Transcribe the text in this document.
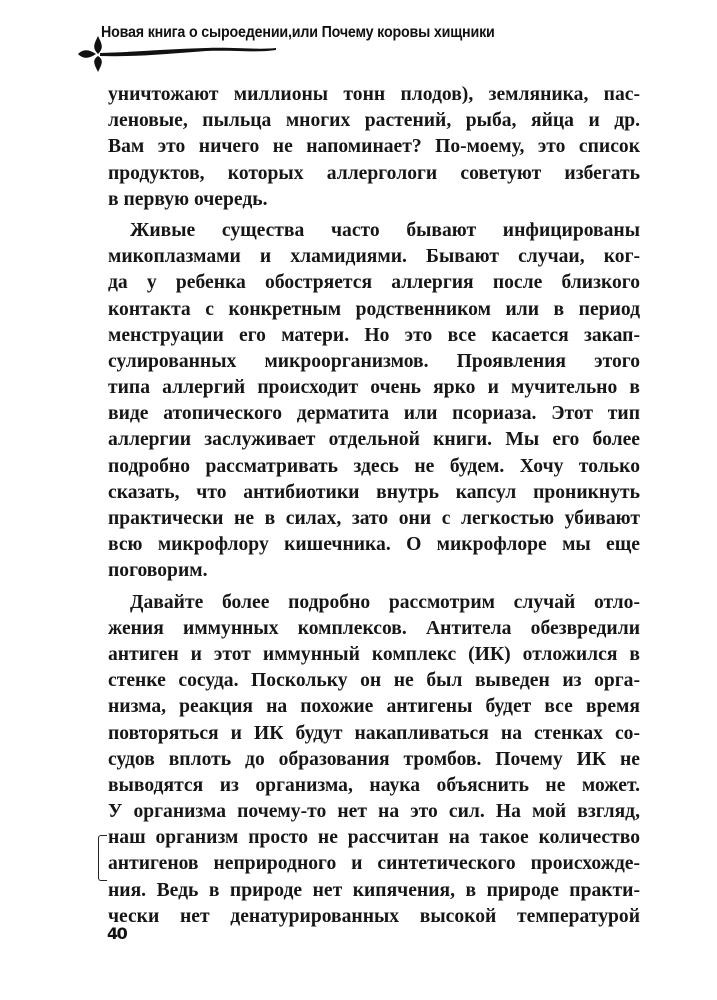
Новая книга о сыроедении,или Почему коровы хищники
уничтожают миллионы тонн плодов), земляника, пас-
леновые, пыльца многих растений, рыба, яйца и др.
Вам это ничего не напоминает? По-моему, это список
продуктов, которых аллергологи советуют избегать
в первую очередь.
Живые существа часто бывают инфицированы
микоплазмами и хламидиями. Бывают случаи, ког-
да у ребенка обостряется аллергия после близкого
контакта с конкретным родственником или в период
менструации его матери. Но это все касается закап-
сулированных микроорганизмов. Проявления этого
типа аллергий происходит очень ярко и мучительно в
виде атопического дерматита или псориаза. Этот тип
аллергии заслуживает отдельной книги. Мы его более
подробно рассматривать здесь не будем. Хочу только
сказать, что антибиотики внутрь капсул проникнуть
практически не в силах, зато они с легкостью убивают
всю микрофлору кишечника. О микрофлоре мы еще
поговорим.
Давайте более подробно рассмотрим случай отло-
жения иммунных комплексов. Антитела обезвредили
антиген и этот иммунный комплекс (ИК) отложился в
стенке сосуда. Поскольку он не был выведен из орга-
низма, реакция на похожие антигены будет все время
повторяться и ИК будут накапливаться на стенках со-
судов вплоть до образования тромбов. Почему ИК не
выводятся из организма, наука объяснить не может.
У организма почему-то нет на это сил. На мой взгляд,
наш организм просто не рассчитан на такое количество
антигенов неприродного и синтетического происхожде-
ния. Ведь в природе нет кипячения, в природе практи-
чески нет денатурированных высокой температурой
40
